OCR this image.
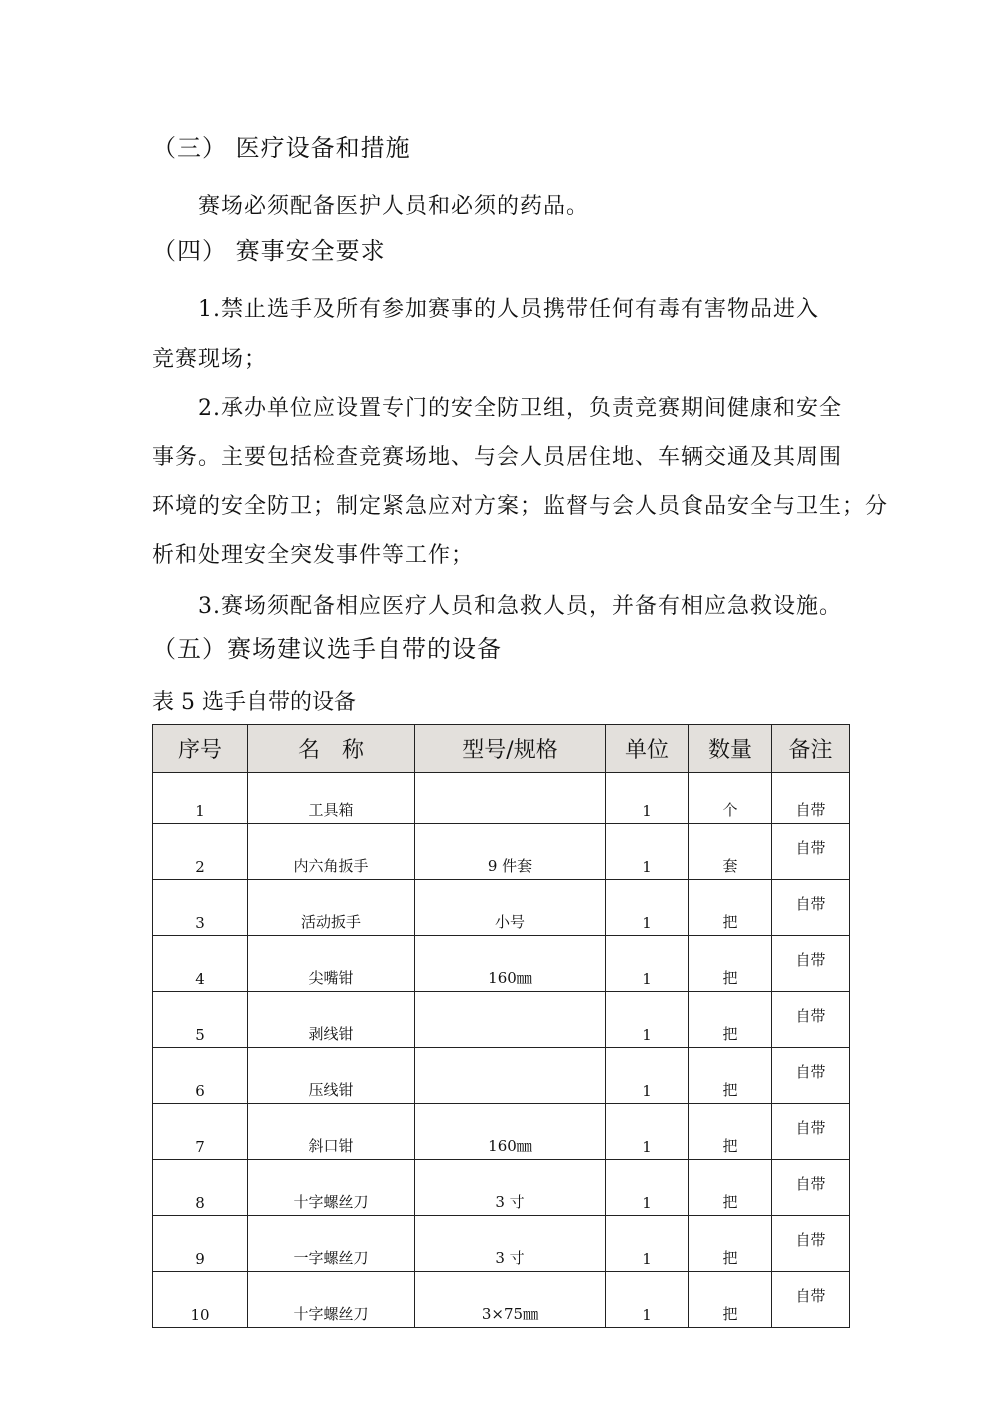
（三） 医疗设备和措施
赛场必须配备医护人员和必须的药品。
（四） 赛事安全要求
1.禁止选手及所有参加赛事的人员携带任何有毒有害物品进入
竞赛现场；
2.承办单位应设置专门的安全防卫组，负责竞赛期间健康和安全
事务。主要包括检查竞赛场地、与会人员居住地、车辆交通及其周围
环境的安全防卫；制定紧急应对方案；监督与会人员食品安全与卫生；分
析和处理安全突发事件等工作；
3.赛场须配备相应医疗人员和急救人员，并备有相应急救设施。
（五）赛场建议选手自带的设备
表 5 选手自带的设备
序号	名　称	型号/规格	单位	数量	备注
1	工具箱		1	个	自带
2	内六角扳手	9 件套	1	套	自带
3	活动扳手	小号	1	把	自带
4	尖嘴钳	160㎜	1	把	自带
5	剥线钳		1	把	自带
6	压线钳		1	把	自带
7	斜口钳	160㎜	1	把	自带
8	十字螺丝刀	3 寸	1	把	自带
9	一字螺丝刀	3 寸	1	把	自带
10	十字螺丝刀	3×75㎜	1	把	自带
